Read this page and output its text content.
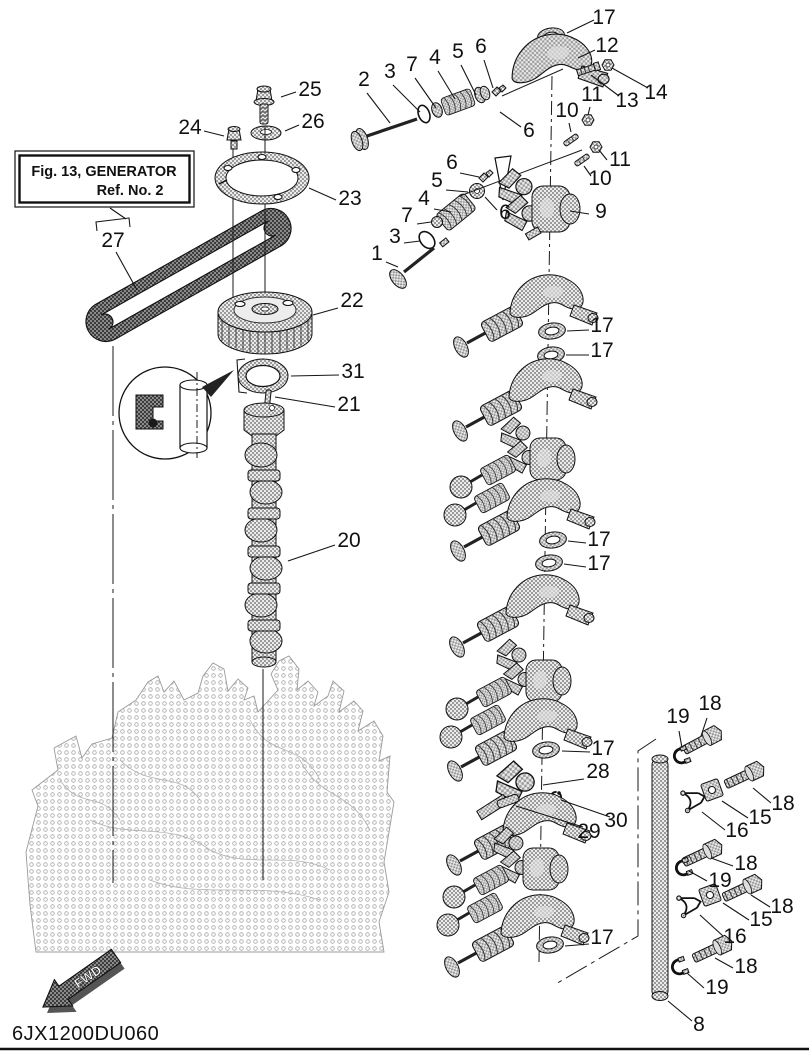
Fig. 13, GENERATOR
Ref. No. 2
FWD
6JX1200DU060
17
12
14
13
11
10
11
10
2 3 7 4 5 6
6
25
26
24
23
27
6
5
4
7
3
1
6	9
22
31
21
20
17
17
17
17
17
28
29 30
19
18
18
15
16
18
19
18
15
16
17
18
19
8
